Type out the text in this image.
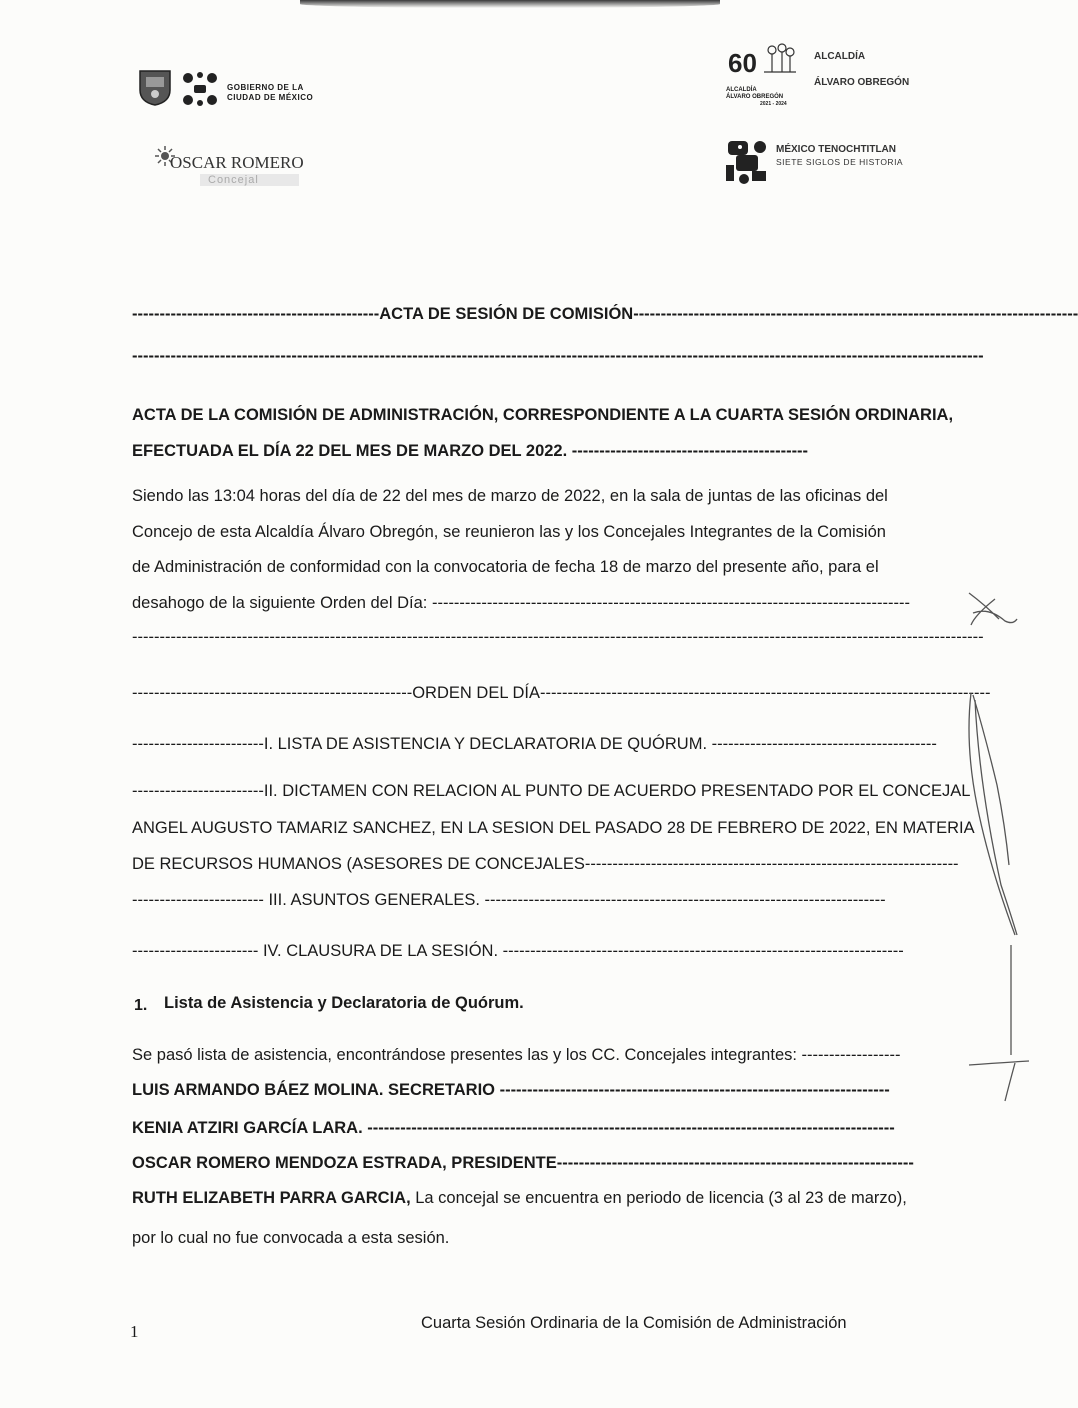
GOBIERNO DE LA
CIUDAD DE MÉXICO
OSCAR ROMERO
Concejal
60
ALCALDÍA
ÁLVARO OBREGÓN
2021 - 2024
ALCALDÍA
ÁLVARO OBREGÓN
MÉXICO TENOCHTITLAN
SIETE SIGLOS DE HISTORIA
---------------------------------------------ACTA DE SESIÓN DE COMISIÓN---------------------------------------------------------------------------------
-----------------------------------------------------------------------------------------------------------------------------------------------------------
ACTA DE LA COMISIÓN DE ADMINISTRACIÓN, CORRESPONDIENTE A LA CUARTA SESIÓN ORDINARIA,
EFECTUADA EL DÍA 22 DEL MES DE MARZO DEL 2022. -------------------------------------------
Siendo las 13:04 horas del día de 22 del mes de marzo de 2022, en la sala de juntas de las oficinas del
Concejo de esta Alcaldía Álvaro Obregón, se reunieron las y los Concejales Integrantes de la Comisión
de Administración de conformidad con la convocatoria de fecha 18 de marzo del presente año, para el
desahogo de la siguiente Orden del Día: ---------------------------------------------------------------------------------------
-----------------------------------------------------------------------------------------------------------------------------------------------------------
---------------------------------------------------ORDEN DEL DÍA----------------------------------------------------------------------------------
------------------------I. LISTA DE ASISTENCIA Y DECLARATORIA DE QUÓRUM. -----------------------------------------
------------------------II. DICTAMEN CON RELACION AL PUNTO DE ACUERDO PRESENTADO POR EL CONCEJAL
ANGEL AUGUSTO TAMARIZ SANCHEZ, EN LA SESION DEL PASADO 28 DE FEBRERO DE 2022, EN MATERIA
DE RECURSOS HUMANOS (ASESORES DE CONCEJALES--------------------------------------------------------------------
------------------------ III. ASUNTOS GENERALES. -------------------------------------------------------------------------
----------------------- IV. CLAUSURA DE LA SESIÓN. -------------------------------------------------------------------------
1. Lista de Asistencia y Declaratoria de Quórum.
Se pasó lista de asistencia, encontrándose presentes las y los CC. Concejales integrantes: ------------------
LUIS ARMANDO BÁEZ MOLINA. SECRETARIO -----------------------------------------------------------------------
KENIA ATZIRI GARCÍA LARA. ------------------------------------------------------------------------------------------------
OSCAR ROMERO MENDOZA ESTRADA, PRESIDENTE-----------------------------------------------------------------
RUTH ELIZABETH PARRA GARCIA, La concejal se encuentra en periodo de licencia (3 al 23 de marzo),
por lo cual no fue convocada a esta sesión.
1	Cuarta Sesión Ordinaria de la Comisión de Administración
